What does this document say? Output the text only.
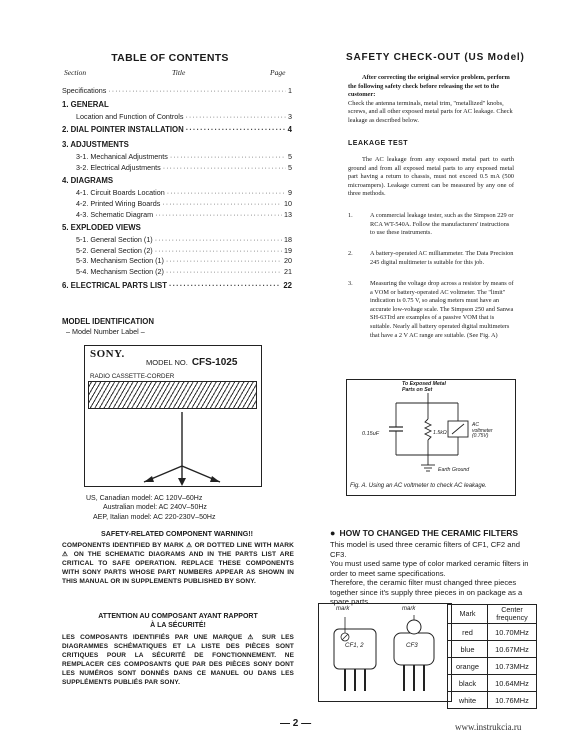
TABLE OF CONTENTS
Section	Title	Page
Specifications ·····	1
1. GENERAL
Location and Function of Controls ·····	3
2. DIAL POINTER INSTALLATION ·····	4
3. ADJUSTMENTS
3-1. Mechanical Adjustments ·····	5
3-2. Electrical Adjustments ·····	5
4. DIAGRAMS
4-1. Circuit Boards Location ·····	9
4-2. Printed Wiring Boards ·····	10
4-3. Schematic Diagram ·····	13
5. EXPLODED VIEWS
5-1. General Section (1) ·····	18
5-2. General Section (2) ·····	19
5-3. Mechanism Section (1) ·····	20
5-4. Mechanism Section (2) ·····	21
6. ELECTRICAL PARTS LIST ·····	22
MODEL IDENTIFICATION
– Model Number Label –
SONY.
MODEL NO. CFS-1025
RADIO CASSETTE-CORDER
US, Canadian model: AC 120V–60Hz
Australian model: AC 240V–50Hz
AEP, Italian model: AC 220-230V–50Hz
SAFETY-RELATED COMPONENT WARNING!!
COMPONENTS IDENTIFIED BY MARK ⚠ OR DOTTED LINE WITH MARK ⚠ ON THE SCHEMATIC DIAGRAMS AND IN THE PARTS LIST ARE CRITICAL TO SAFE OPERATION. REPLACE THESE COMPONENTS WITH SONY PARTS WHOSE PART NUMBERS APPEAR AS SHOWN IN THIS MANUAL OR IN SUPPLEMENTS PUBLISHED BY SONY.
ATTENTION AU COMPOSANT AYANT RAPPORT
À LA SÉCURITÉ!
LES COMPOSANTS IDENTIFIÉS PAR UNE MARQUE ⚠ SUR LES DIAGRAMMES SCHÉMATIQUES ET LA LISTE DES PIÈCES SONT CRITIQUES POUR LA SÉCURITÉ DE FONCTIONNEMENT. NE REMPLACER CES COMPOSANTS QUE PAR DES PIÈCES SONY DONT LES NUMÉROS SONT DONNÉS DANS CE MANUEL OU DANS LES SUPPLÉMENTS PUBLIÉS PAR SONY.
SAFETY CHECK-OUT (US Model)
After correcting the original service problem, perform the following safety check before releasing the set to the customer:
Check the antenna terminals, metal trim, "metallized" knobs, screws, and all other exposed metal parts for AC leakage. Check leakage as described below.
LEAKAGE TEST
The AC leakage from any exposed metal part to earth ground and from all exposed metal parts to any exposed metal part having a return to chassis, must not exceed 0.5 mA (500 microampers). Leakage current can be measured by any one of three methods.
1.	A commercial leakage tester, such as the Simpson 229 or RCA WT-540A. Follow the manufacturers' instructions to use these instruments.
2.	A battery-operated AC milliammeter. The Data Precision 245 digital multimeter is suitable for this job.
3.	Measuring the voltage drop across a resistor by means of a VOM or battery-operated AC voltmeter. The "limit" indication is 0.75 V, so analog meters must have an accurate low-voltage scale. The Simpson 250 and Sanwa SH-63Trd are examples of a passive VOM that is suitable. Nearly all battery operated digital multimeters that have a 2 V AC range are suitable. (See Fig. A)
To Exposed Metal
Parts on Set
0.15uF	1.5kΩ
AC
voltmeter
(0.75V)
Earth Ground
Fig. A. Using an AC voltmeter to check AC leakage.
● HOW TO CHANGED THE CERAMIC FILTERS
This model is used three ceramic filters of CF1, CF2 and CF3.
You must used same type of color marked ceramic filters in order to meet same specifications.
Therefore, the ceramic filter must changed three pieces together since it's supply three pieces in on package as a spare parts.
mark	mark
CF1, 2	CF3
Mark	Center frequency
red	10.70MHz
blue	10.67MHz
orange	10.73MHz
black	10.64MHz
white	10.76MHz
— 2 —	www.instrukcia.ru
